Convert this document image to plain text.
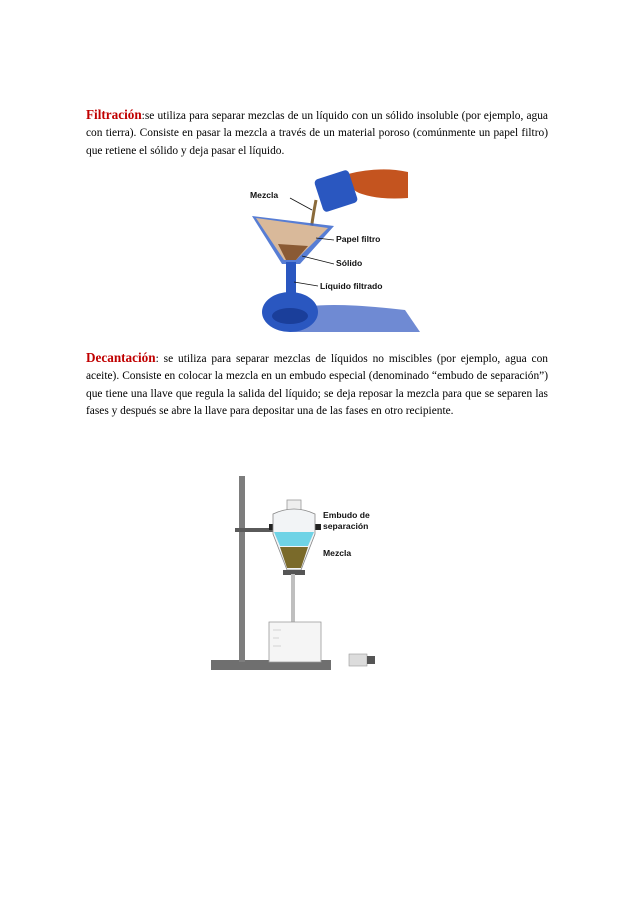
Filtración:se utiliza para separar mezclas de un líquido con un sólido insoluble (por ejemplo, agua con tierra). Consiste en pasar la mezcla a través de un material poroso (comúnmente un papel filtro) que retiene el sólido y deja pasar el líquido.
Mezcla
Papel filtro
Sólido
Líquido filtrado
Decantación: se utiliza para separar mezclas de líquidos no miscibles (por ejemplo, agua con aceite). Consiste en colocar la mezcla en un embudo especial (denominado “embudo de separación”) que tiene una llave que regula la salida del líquido; se deja reposar la mezcla para que se separen las fases y después se abre la llave para depositar una de las fases en otro recipiente.
Embudo de
separación
Mezcla
